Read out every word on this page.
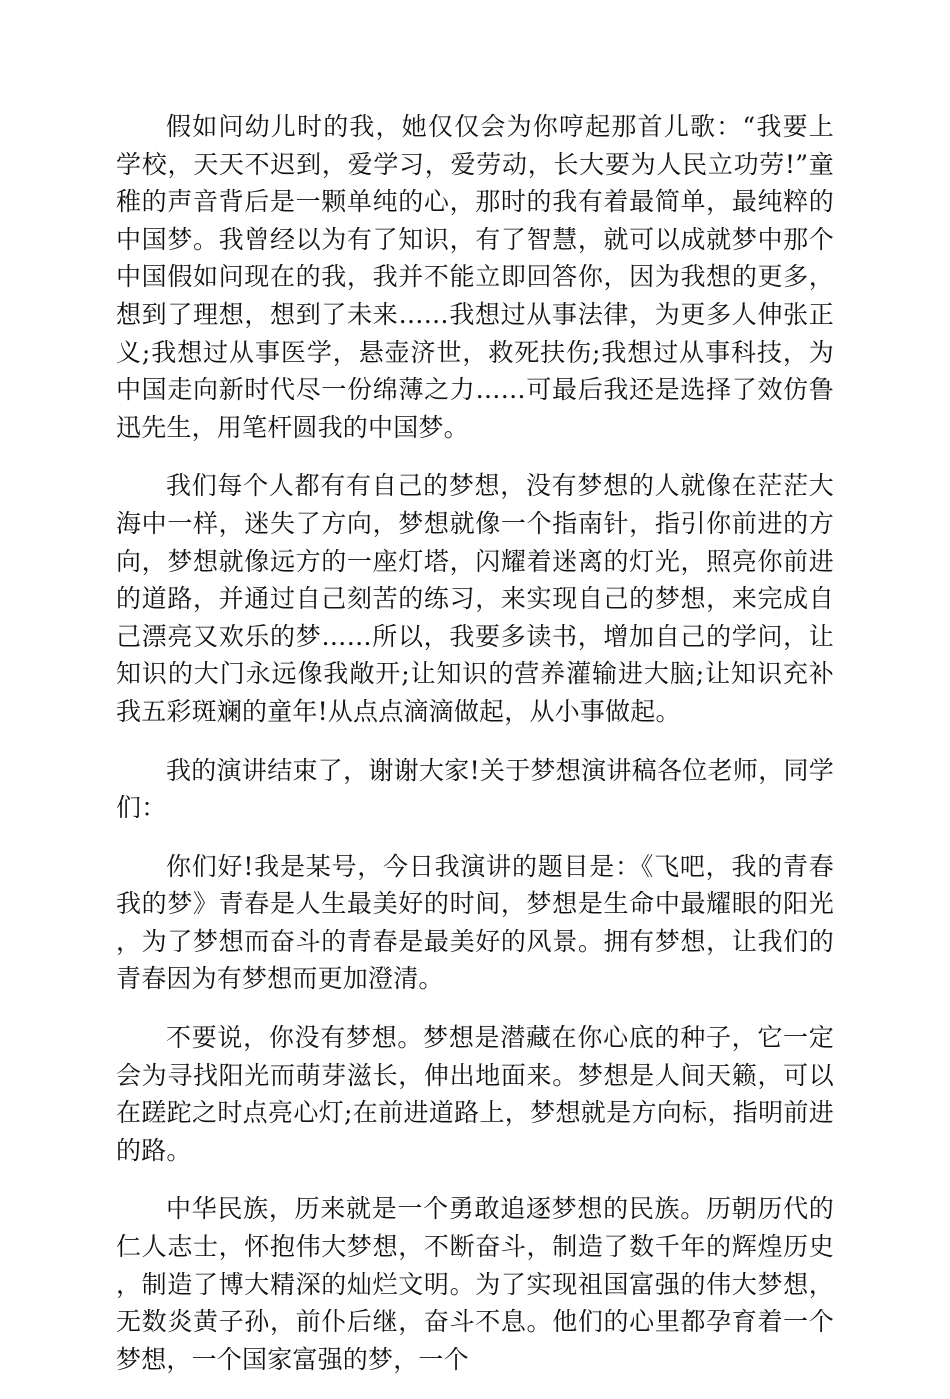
假如问幼儿时的我，她仅仅会为你哼起那首儿歌：“我要上学校，天天不迟到，爱学习，爱劳动，长大要为人民立功劳!”童稚的声音背后是一颗单纯的心，那时的我有着最简单，最纯粹的中国梦。我曾经以为有了知识，有了智慧，就可以成就梦中那个中国假如问现在的我，我并不能立即回答你，因为我想的更多，想到了理想，想到了未来……我想过从事法律，为更多人伸张正义;我想过从事医学，悬壶济世，救死扶伤;我想过从事科技，为中国走向新时代尽一份绵薄之力……可最后我还是选择了效仿鲁迅先生，用笔杆圆我的中国梦。

我们每个人都有有自己的梦想，没有梦想的人就像在茫茫大海中一样，迷失了方向，梦想就像一个指南针，指引你前进的方向，梦想就像远方的一座灯塔，闪耀着迷离的灯光，照亮你前进的道路，并通过自己刻苦的练习，来实现自己的梦想，来完成自己漂亮又欢乐的梦……所以，我要多读书，增加自己的学问，让知识的大门永远像我敞开;让知识的营养灌输进大脑;让知识充补我五彩斑斓的童年!从点点滴滴做起，从小事做起。

我的演讲结束了，谢谢大家!关于梦想演讲稿各位老师，同学们：

你们好!我是某号，今日我演讲的题目是：《飞吧，我的青春我的梦》青春是人生最美好的时间，梦想是生命中最耀眼的阳光，为了梦想而奋斗的青春是最美好的风景。拥有梦想，让我们的青春因为有梦想而更加澄清。

不要说，你没有梦想。梦想是潜藏在你心底的种子，它一定会为寻找阳光而萌芽滋长，伸出地面来。梦想是人间天籁，可以在蹉跎之时点亮心灯;在前进道路上，梦想就是方向标，指明前进的路。

中华民族，历来就是一个勇敢追逐梦想的民族。历朝历代的仁人志士，怀抱伟大梦想，不断奋斗，制造了数千年的辉煌历史，制造了博大精深的灿烂文明。为了实现祖国富强的伟大梦想，无数炎黄子孙，前仆后继，奋斗不息。他们的心里都孕育着一个梦想，一个国家富强的梦，一个
